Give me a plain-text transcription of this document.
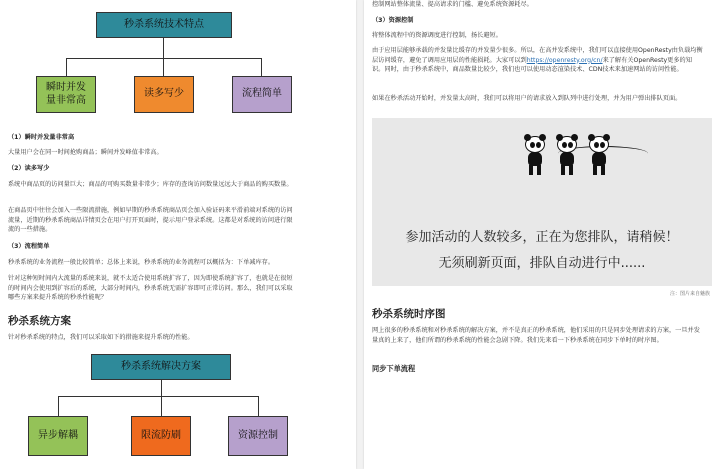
秒杀系统技术特点
瞬时并发量非常高
读多写少	流程简单

（1）瞬时并发量非常高

大量用户会在同一时间抢购商品；瞬间并发峰值非常高。

（2）读多写少

系统中商品页的访问量巨大；商品的可购买数量非常少；库存的查询访问数量远远大于商品的购买数量。

在商品页中往往会加入一些限流措施，例如早期的秒杀系统商品页会加入验证码来平滑前端对系统的访问流量，近期的秒杀系统商品详情页会在用户打开页面时，提示用户登录系统。这都是对系统的访问进行限流的一些措施。

（3）流程简单

秒杀系统的业务流程一般比较简单；总体上来说，秒杀系统的业务流程可以概括为：下单减库存。

针对这种短时间内大流量的系统来说，就不太适合使用系统扩容了，因为即使系统扩容了，也就是在很短的时间内会使用到扩容后的系统，大部分时间内，秒杀系统无需扩容即可正常访问。那么，我们可以采取哪些方案来提升系统的秒杀性能呢？

秒杀系统方案

针对秒杀系统的特点，我们可以采取如下的措施来提升系统的性能。

秒杀系统解决方案
异步解耦	限流防刷	资源控制

控制网站整体流量、提高请求的门槛、避免系统资源耗尽。

（3）资源控制

将整体流程中的资源调度进行控制，扬长避短。

由于应用层能够承载的并发量比缓存的并发量少很多。所以，在高并发系统中，我们可以直接使用OpenResty由负载均衡层访问缓存，避免了调用应用层的性能损耗。大家可以到https://openresty.org/cn/来了解有关OpenResty更多的知识。同时，由于秒杀系统中，商品数量比较少，我们也可以使用动态渲染技术、CDN技术来加速网站的访问性能。

如果在秒杀活动开始时，并发量太高时，我们可以将用户的请求放入到队列中进行处理，并为用户弹出排队页面。

参加活动的人数较多，正在为您排队，请稍候！
无须刷新页面，排队自动进行中......
注：图片来自魅族
秒杀系统时序图

网上很多的秒杀系统和对秒杀系统的解决方案，并不是真正的秒杀系统，他们采用的只是同步处理请求的方案，一旦并发量真的上来了，他们所谓的秒杀系统的性能会急剧下降。我们先来看一下秒杀系统在同步下单时的时序图。

同步下单流程
